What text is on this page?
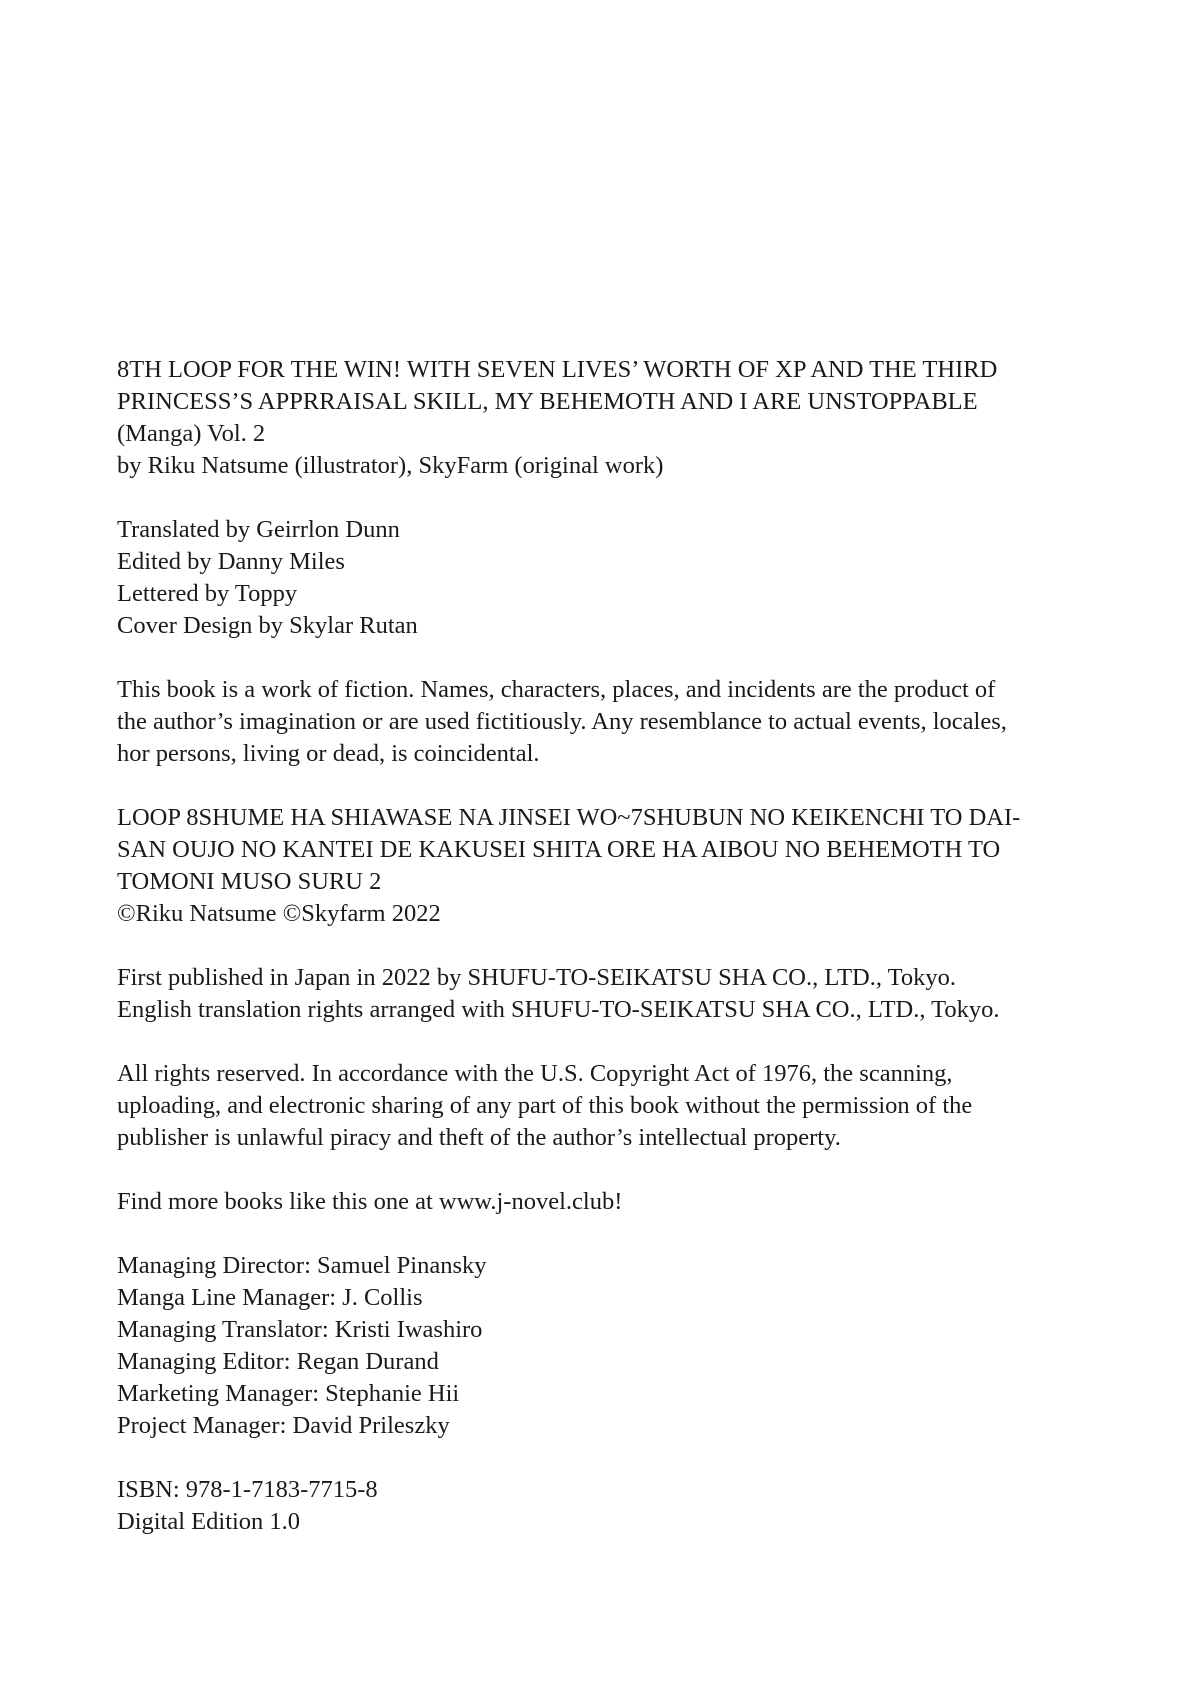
8TH LOOP FOR THE WIN! WITH SEVEN LIVES’ WORTH OF XP AND THE THIRD
PRINCESS’S APPRRAISAL SKILL, MY BEHEMOTH AND I ARE UNSTOPPABLE
(Manga) Vol. 2
by Riku Natsume (illustrator), SkyFarm (original work)
Translated by Geirrlon Dunn
Edited by Danny Miles
Lettered by Toppy
Cover Design by Skylar Rutan
This book is a work of fiction. Names, characters, places, and incidents are the product of
the author’s imagination or are used fictitiously. Any resemblance to actual events, locales,
hor persons, living or dead, is coincidental.
LOOP 8SHUME HA SHIAWASE NA JINSEI WO~7SHUBUN NO KEIKENCHI TO DAI-
SAN OUJO NO KANTEI DE KAKUSEI SHITA ORE HA AIBOU NO BEHEMOTH TO
TOMONI MUSO SURU 2
©Riku Natsume ©Skyfarm 2022
First published in Japan in 2022 by SHUFU-TO-SEIKATSU SHA CO., LTD., Tokyo.
English translation rights arranged with SHUFU-TO-SEIKATSU SHA CO., LTD., Tokyo.
All rights reserved. In accordance with the U.S. Copyright Act of 1976, the scanning,
uploading, and electronic sharing of any part of this book without the permission of the
publisher is unlawful piracy and theft of the author’s intellectual property.
Find more books like this one at www.j-novel.club!
Managing Director: Samuel Pinansky
Manga Line Manager: J. Collis
Managing Translator: Kristi Iwashiro
Managing Editor: Regan Durand
Marketing Manager: Stephanie Hii
Project Manager: David Prileszky
ISBN: 978-1-7183-7715-8
Digital Edition 1.0
